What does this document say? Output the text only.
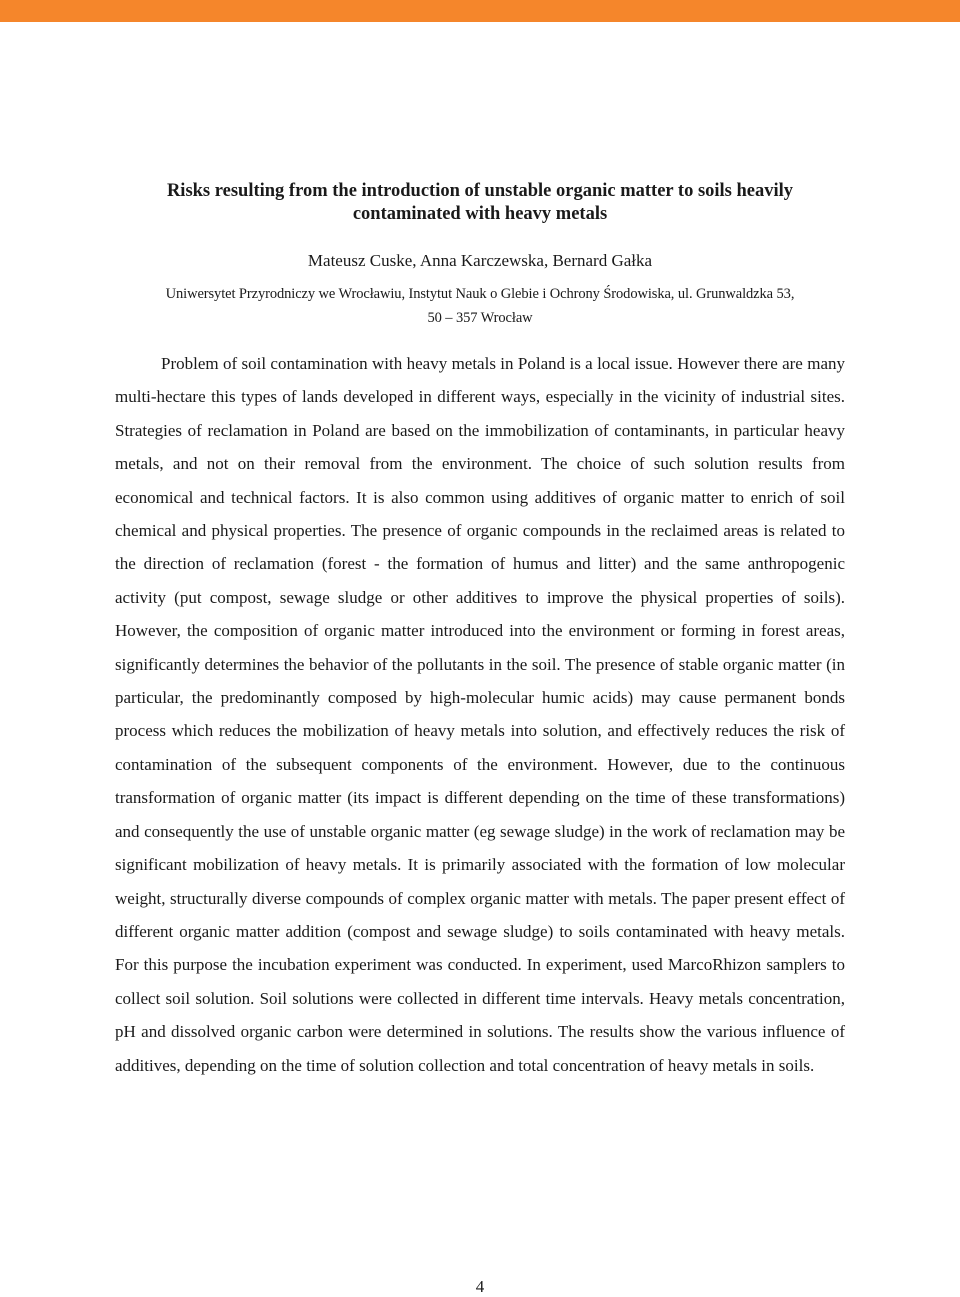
Risks resulting from the introduction of unstable organic matter to soils heavily
contaminated with heavy metals
Mateusz Cuske, Anna Karczewska, Bernard Gałka
Uniwersytet Przyrodniczy we Wrocławiu, Instytut Nauk o Glebie i Ochrony Środowiska, ul. Grunwaldzka 53,
50 – 357 Wrocław

Problem of soil contamination with heavy metals in Poland is a local issue. However there are many multi-hectare this types of lands developed in different ways, especially in the vicinity of industrial sites. Strategies of reclamation in Poland are based on the immobilization of contaminants, in particular heavy metals, and not on their removal from the environment. The choice of such solution results from economical and technical factors. It is also common using additives of organic matter to enrich of soil chemical and physical properties. The presence of organic compounds in the reclaimed areas is related to the direction of reclamation (forest - the formation of humus and litter) and the same anthropogenic activity (put compost, sewage sludge or other additives to improve the physical properties of soils). However, the composition of organic matter introduced into the environment or forming in forest areas, significantly determines the behavior of the pollutants in the soil. The presence of stable organic matter (in particular, the predominantly composed by high-molecular humic acids) may cause permanent bonds process which reduces the mobilization of heavy metals into solution, and effectively reduces the risk of contamination of the subsequent components of the environment. However, due to the continuous transformation of organic matter (its impact is different depending on the time of these transformations) and consequently the use of unstable organic matter (eg sewage sludge) in the work of reclamation may be significant mobilization of heavy metals. It is primarily associated with the formation of low molecular weight, structurally diverse compounds of complex organic matter with metals. The paper present effect of different organic matter addition (compost and sewage sludge) to soils contaminated with heavy metals. For this purpose the incubation experiment was conducted. In experiment, used MarcoRhizon samplers to collect soil solution. Soil solutions were collected in different time intervals. Heavy metals concentration, pH and dissolved organic carbon were determined in solutions. The results show the various influence of additives, depending on the time of solution collection and total concentration of heavy metals in soils.

4
